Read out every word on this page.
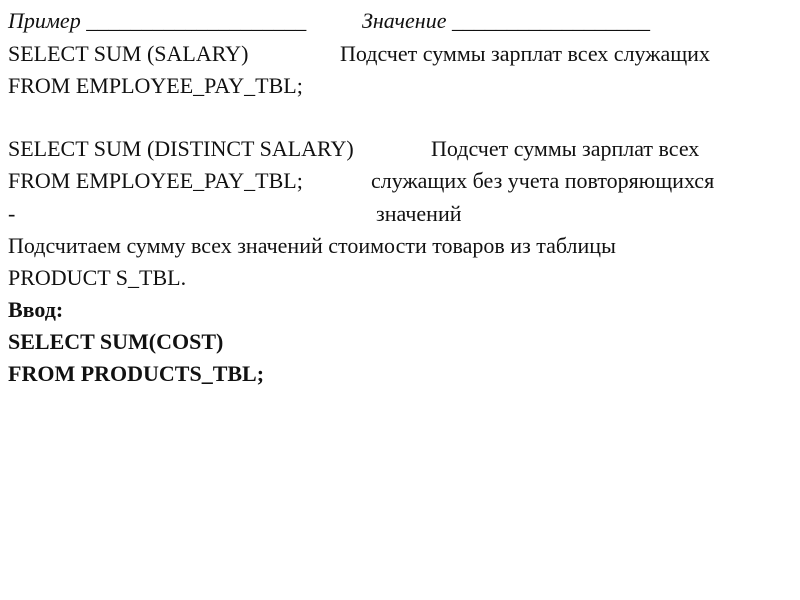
Пример ____________________	Значение __________________
SELECT SUM (SALARY)	Подсчет суммы зарплат всех служащих
FROM EMPLOYEE_PAY_TBL;
SELECT SUM (DISTINCT SALARY)	Подсчет суммы зарплат всех
FROM EMPLOYEE_PAY_TBL;	служащих без учета повторяющихся
-	значений
Подсчитаем сумму всех значений стоимости товаров из таблицы
PRODUCT S_TBL.
Ввод:
SELECT SUM(COST)
FROM PRODUCTS_TBL;
